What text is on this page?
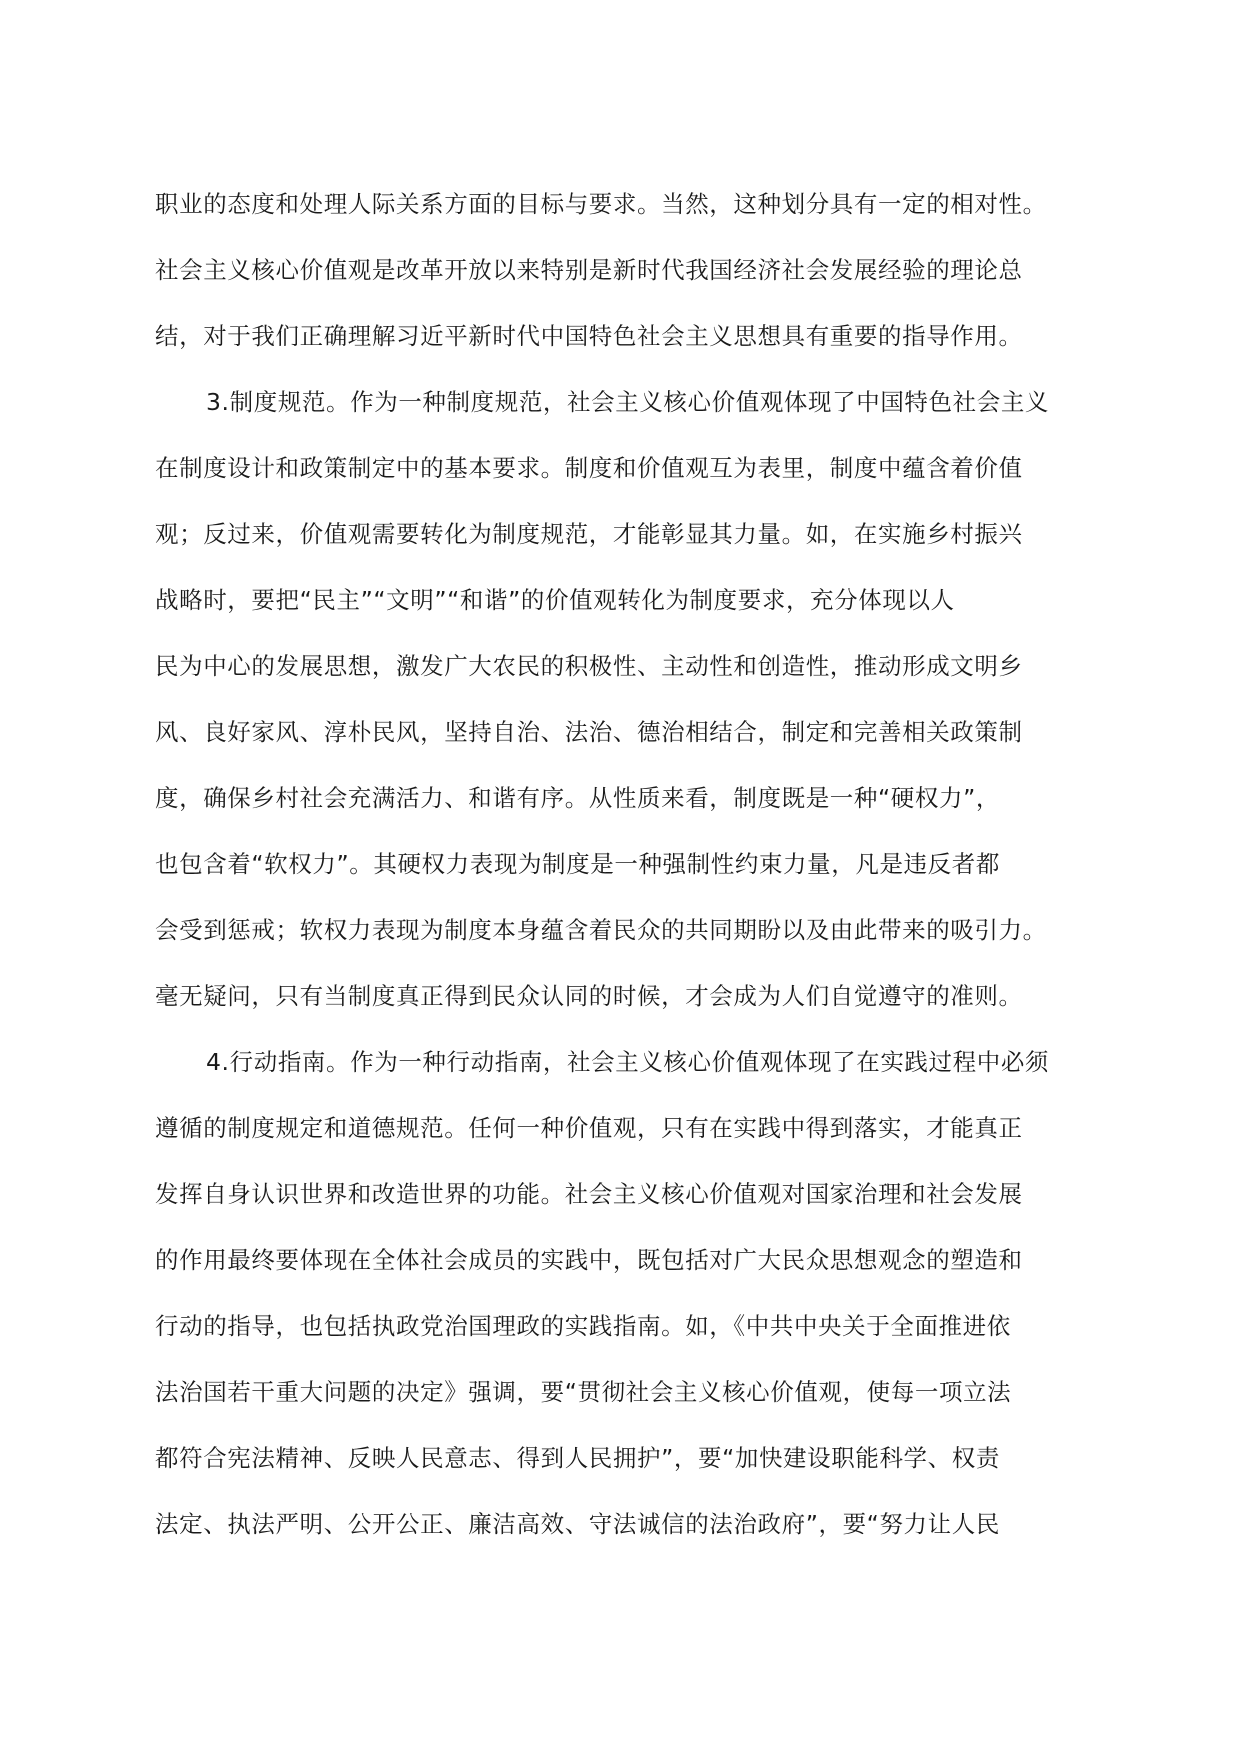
职业的态度和处理人际关系方面的目标与要求。当然，这种划分具有一定的相对性。
社会主义核心价值观是改革开放以来特别是新时代我国经济社会发展经验的理论总
结，对于我们正确理解习近平新时代中国特色社会主义思想具有重要的指导作用。
3.制度规范。作为一种制度规范，社会主义核心价值观体现了中国特色社会主义
在制度设计和政策制定中的基本要求。制度和价值观互为表里，制度中蕴含着价值
观；反过来，价值观需要转化为制度规范，才能彰显其力量。如，在实施乡村振兴
战略时，要把“民主”“文明”“和谐”的价值观转化为制度要求，充分体现以人
民为中心的发展思想，激发广大农民的积极性、主动性和创造性，推动形成文明乡
风、良好家风、淳朴民风，坚持自治、法治、德治相结合，制定和完善相关政策制
度，确保乡村社会充满活力、和谐有序。从性质来看，制度既是一种“硬权力”，
也包含着“软权力”。其硬权力表现为制度是一种强制性约束力量，凡是违反者都
会受到惩戒；软权力表现为制度本身蕴含着民众的共同期盼以及由此带来的吸引力。
毫无疑问，只有当制度真正得到民众认同的时候，才会成为人们自觉遵守的准则。
4.行动指南。作为一种行动指南，社会主义核心价值观体现了在实践过程中必须
遵循的制度规定和道德规范。任何一种价值观，只有在实践中得到落实，才能真正
发挥自身认识世界和改造世界的功能。社会主义核心价值观对国家治理和社会发展
的作用最终要体现在全体社会成员的实践中，既包括对广大民众思想观念的塑造和
行动的指导，也包括执政党治国理政的实践指南。如，《中共中央关于全面推进依
法治国若干重大问题的决定》强调，要“贯彻社会主义核心价值观，使每一项立法
都符合宪法精神、反映人民意志、得到人民拥护”，要“加快建设职能科学、权责
法定、执法严明、公开公正、廉洁高效、守法诚信的法治政府”，要“努力让人民
